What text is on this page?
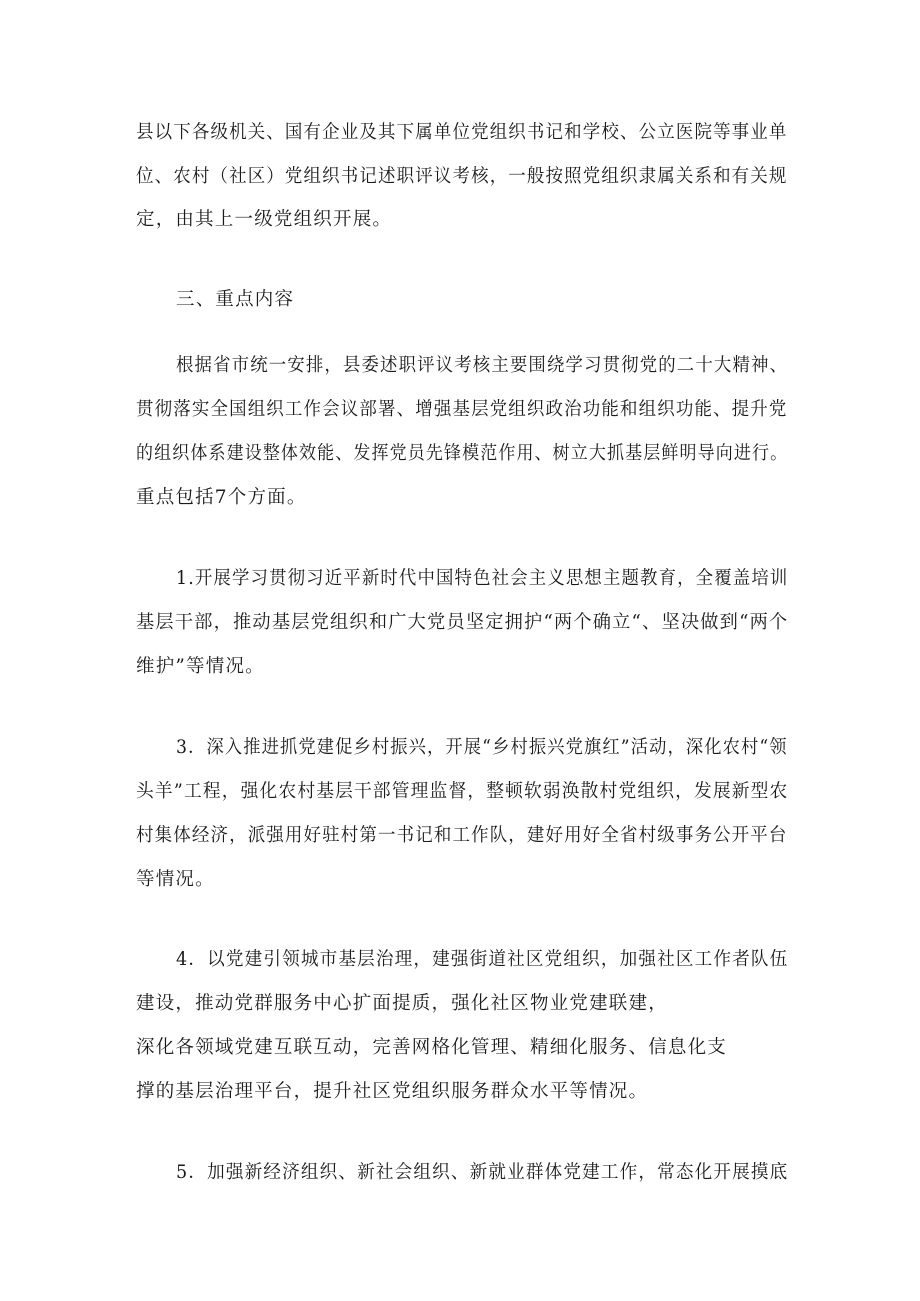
县以下各级机关、国有企业及其下属单位党组织书记和学校、公立医院等事业单
位、农村（社区）党组织书记述职评议考核，一般按照党组织隶属关系和有关规
定，由其上一级党组织开展。
三、重点内容
根据省市统一安排，县委述职评议考核主要围绕学习贯彻党的二十大精神、
贯彻落实全国组织工作会议部署、增强基层党组织政治功能和组织功能、提升党
的组织体系建设整体效能、发挥党员先锋模范作用、树立大抓基层鲜明导向进行。
重点包括7个方面。
1.开展学习贯彻习近平新时代中国特色社会主义思想主题教育，全覆盖培训
基层干部，推动基层党组织和广大党员坚定拥护“两个确立“、坚决做到“两个
维护”等情况。
3．深入推进抓党建促乡村振兴，开展“乡村振兴党旗红”活动，深化农村“领
头羊”工程，强化农村基层干部管理监督，整顿软弱涣散村党组织，发展新型农
村集体经济，派强用好驻村第一书记和工作队，建好用好全省村级事务公开平台
等情况。
4．以党建引领城市基层治理，建强街道社区党组织，加强社区工作者队伍
建设，推动党群服务中心扩面提质，强化社区物业党建联建，
深化各领域党建互联互动，完善网格化管理、精细化服务、信息化支
撑的基层治理平台，提升社区党组织服务群众水平等情况。
5．加强新经济组织、新社会组织、新就业群体党建工作，常态化开展摸底
